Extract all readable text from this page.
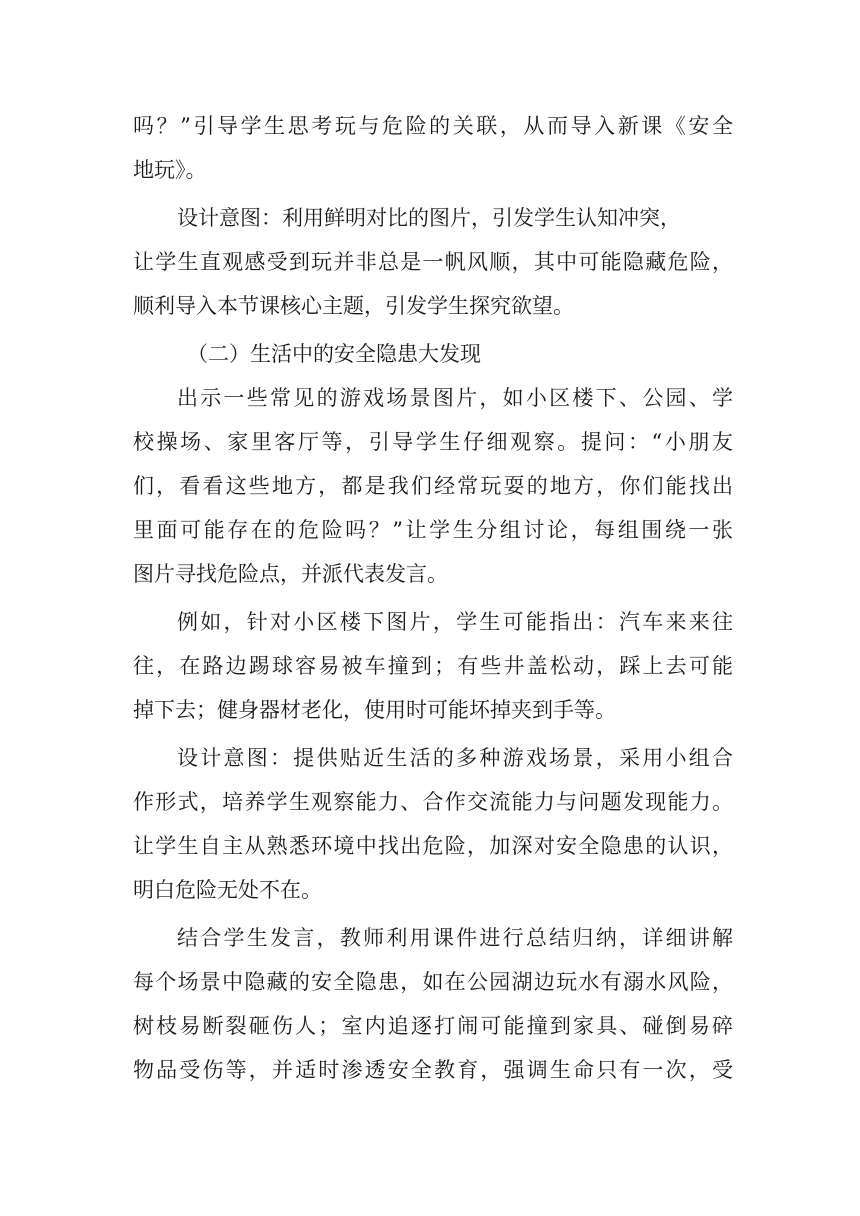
吗？”引导学生思考玩与危险的关联，从而导入新课《安全
地玩》。
设计意图：利用鲜明对比的图片，引发学生认知冲突，
让学生直观感受到玩并非总是一帆风顺，其中可能隐藏危险，
顺利导入本节课核心主题，引发学生探究欲望。
（二）生活中的安全隐患大发现
出示一些常见的游戏场景图片，如小区楼下、公园、学
校操场、家里客厅等，引导学生仔细观察。提问：“小朋友
们，看看这些地方，都是我们经常玩耍的地方，你们能找出
里面可能存在的危险吗？”让学生分组讨论，每组围绕一张
图片寻找危险点，并派代表发言。
例如，针对小区楼下图片，学生可能指出：汽车来来往
往，在路边踢球容易被车撞到；有些井盖松动，踩上去可能
掉下去；健身器材老化，使用时可能坏掉夹到手等。
设计意图：提供贴近生活的多种游戏场景，采用小组合
作形式，培养学生观察能力、合作交流能力与问题发现能力。
让学生自主从熟悉环境中找出危险，加深对安全隐患的认识，
明白危险无处不在。
结合学生发言，教师利用课件进行总结归纳，详细讲解
每个场景中隐藏的安全隐患，如在公园湖边玩水有溺水风险，
树枝易断裂砸伤人；室内追逐打闹可能撞到家具、碰倒易碎
物品受伤等，并适时渗透安全教育，强调生命只有一次，受
